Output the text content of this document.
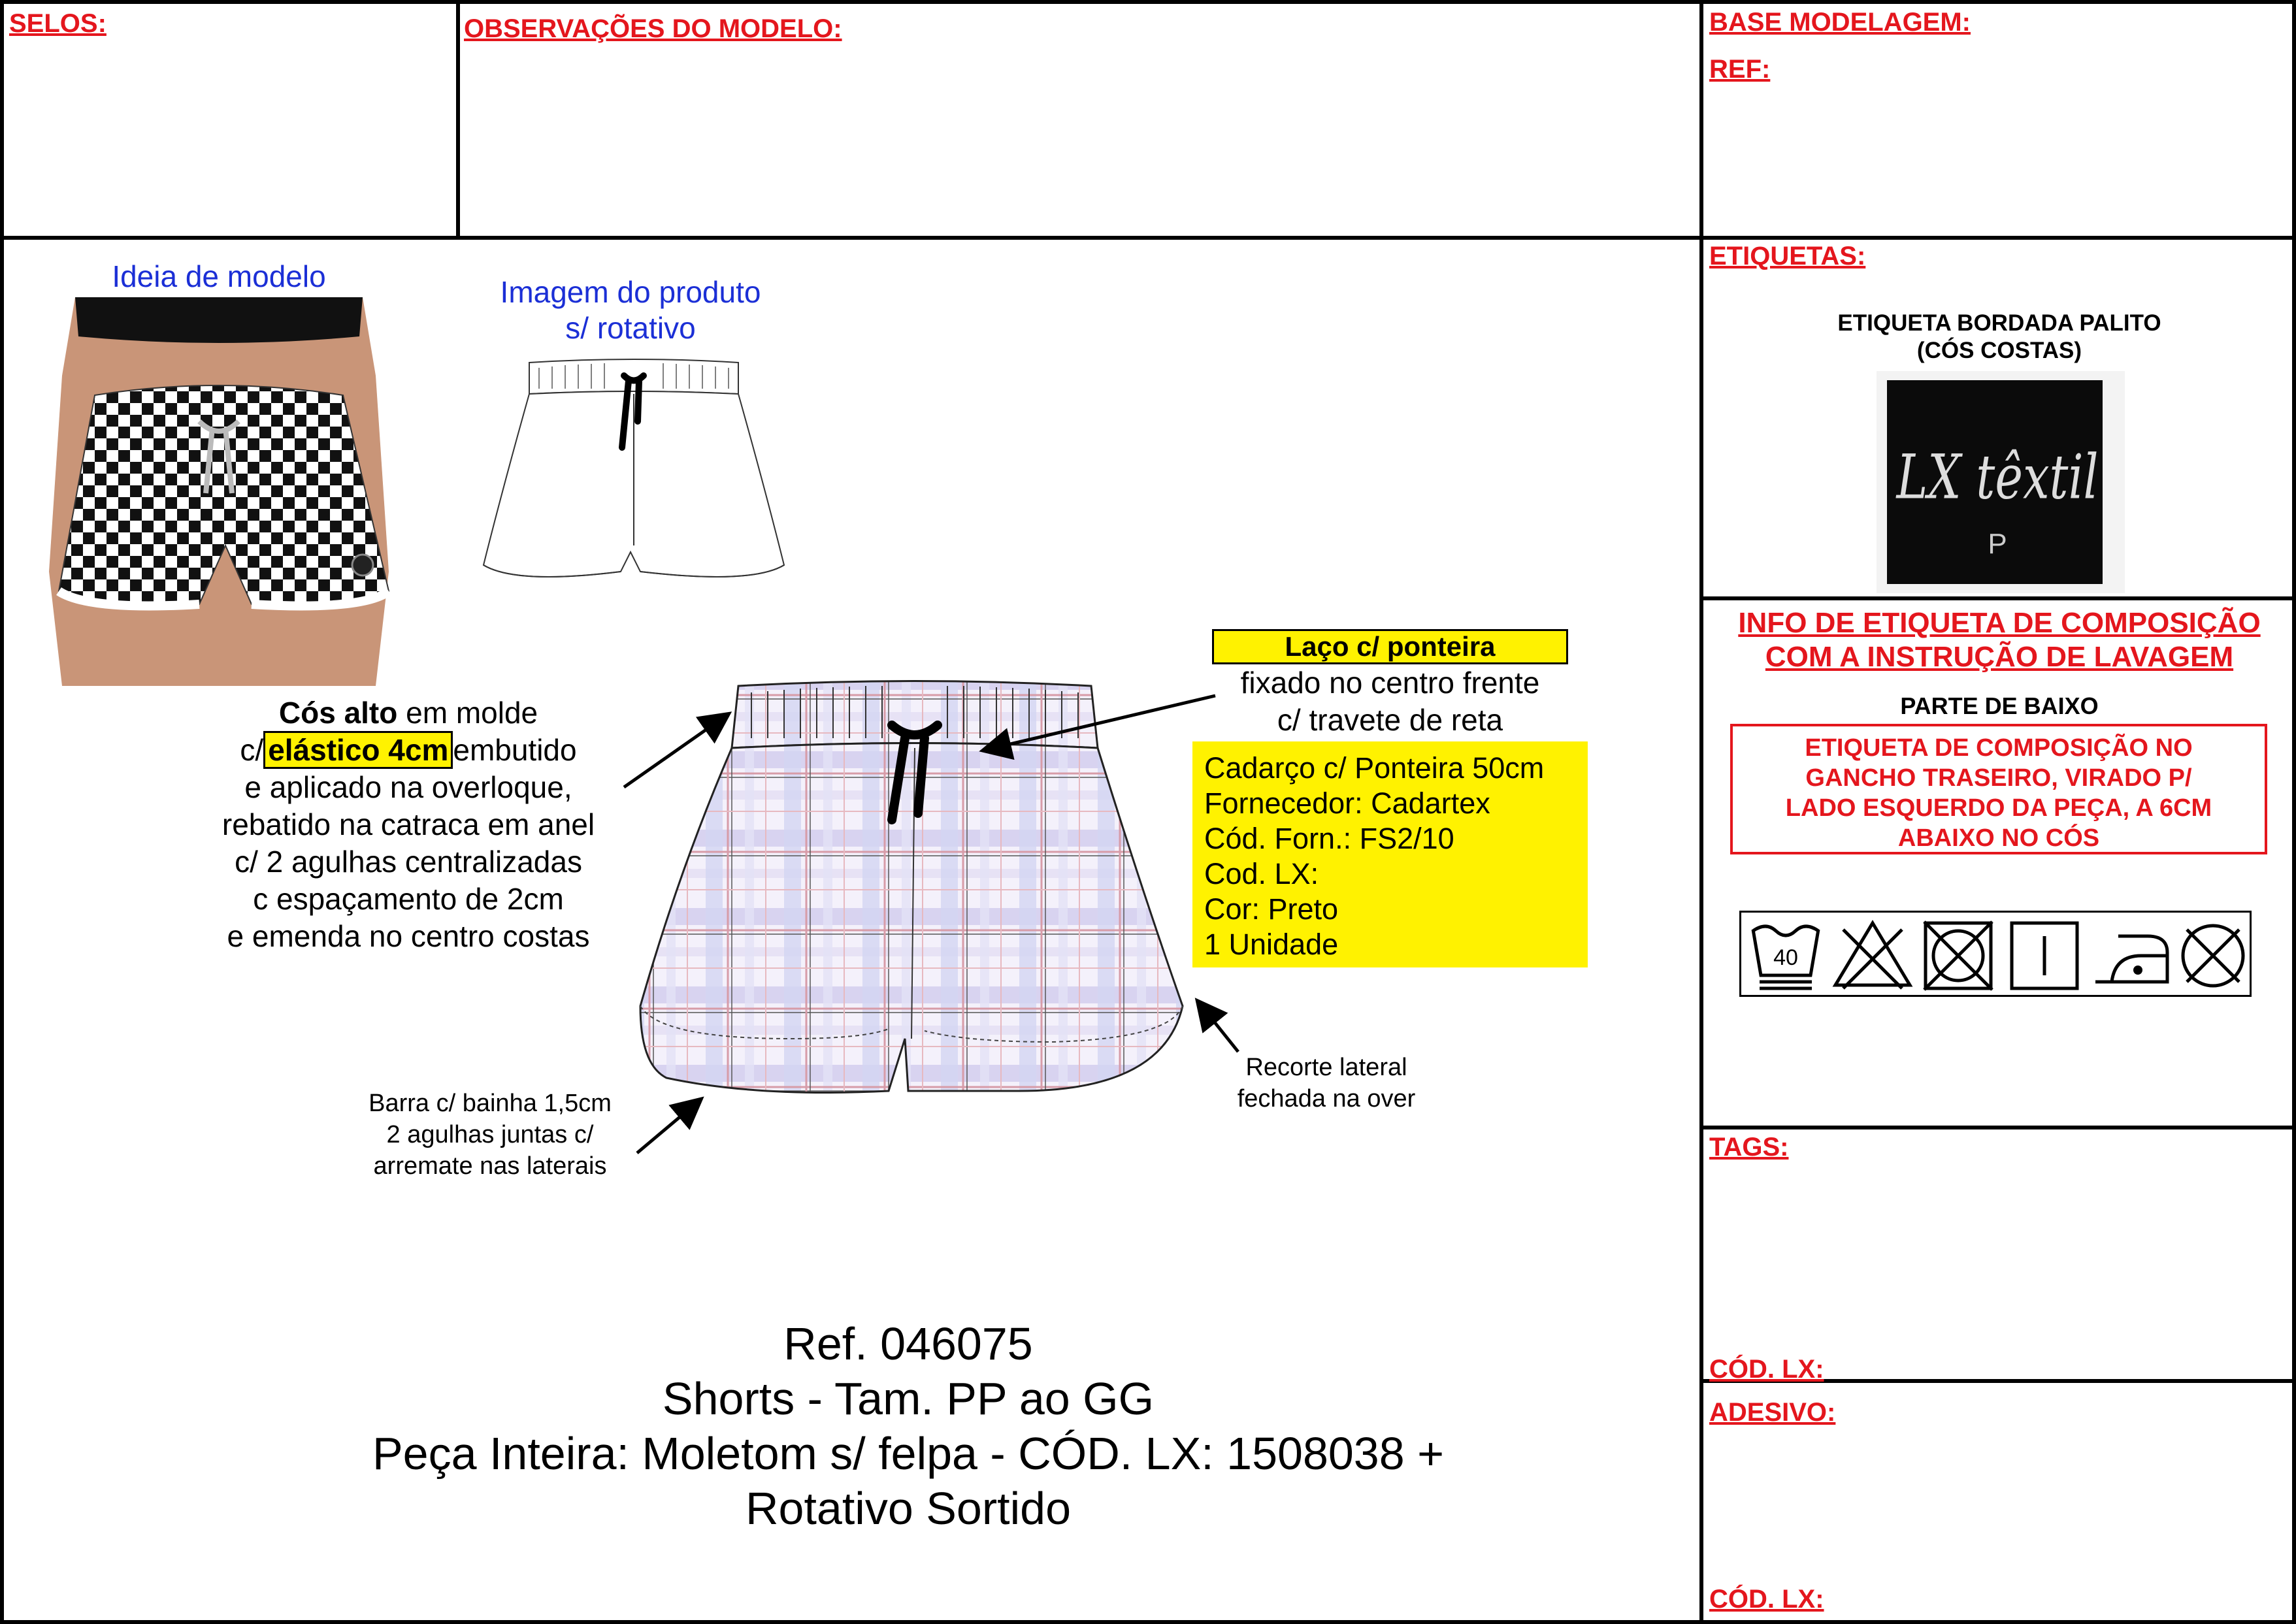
SELOS:	OBSERVAÇÕES DO MODELO:	BASE MODELAGEM:
REF:
Ideia de modelo	Imagem do produto
s/ rotativo
Laço c/ ponteira
fixado no centro frente
c/ travete de reta
Cós alto em molde
c/ elástico 4cm embutido
e aplicado na overloque,
rebatido na catraca em anel
c/ 2 agulhas centralizadas
c espaçamento de 2cm
e emenda no centro costas
Cadarço c/ Ponteira 50cm
Fornecedor: Cadartex
Cód. Forn.: FS2/10
Cod. LX:
Cor: Preto
1 Unidade
Recorte lateral
fechada na over
Barra c/ bainha 1,5cm
2 agulhas juntas c/
arremate nas laterais
Ref. 046075
Shorts - Tam. PP ao GG
Peça Inteira: Moletom s/ felpa - CÓD. LX: 1508038 +
Rotativo Sortido
ETIQUETAS:
ETIQUETA BORDADA PALITO
(CÓS COSTAS)
LX têxtil
P
INFO DE ETIQUETA DE COMPOSIÇÃO
COM A INSTRUÇÃO DE LAVAGEM
PARTE DE BAIXO
ETIQUETA DE COMPOSIÇÃO NO
GANCHO TRASEIRO, VIRADO P/
LADO ESQUERDO DA PEÇA, A 6CM
ABAIXO NO CÓS
40
TAGS:
CÓD. LX:
ADESIVO:
CÓD. LX:
